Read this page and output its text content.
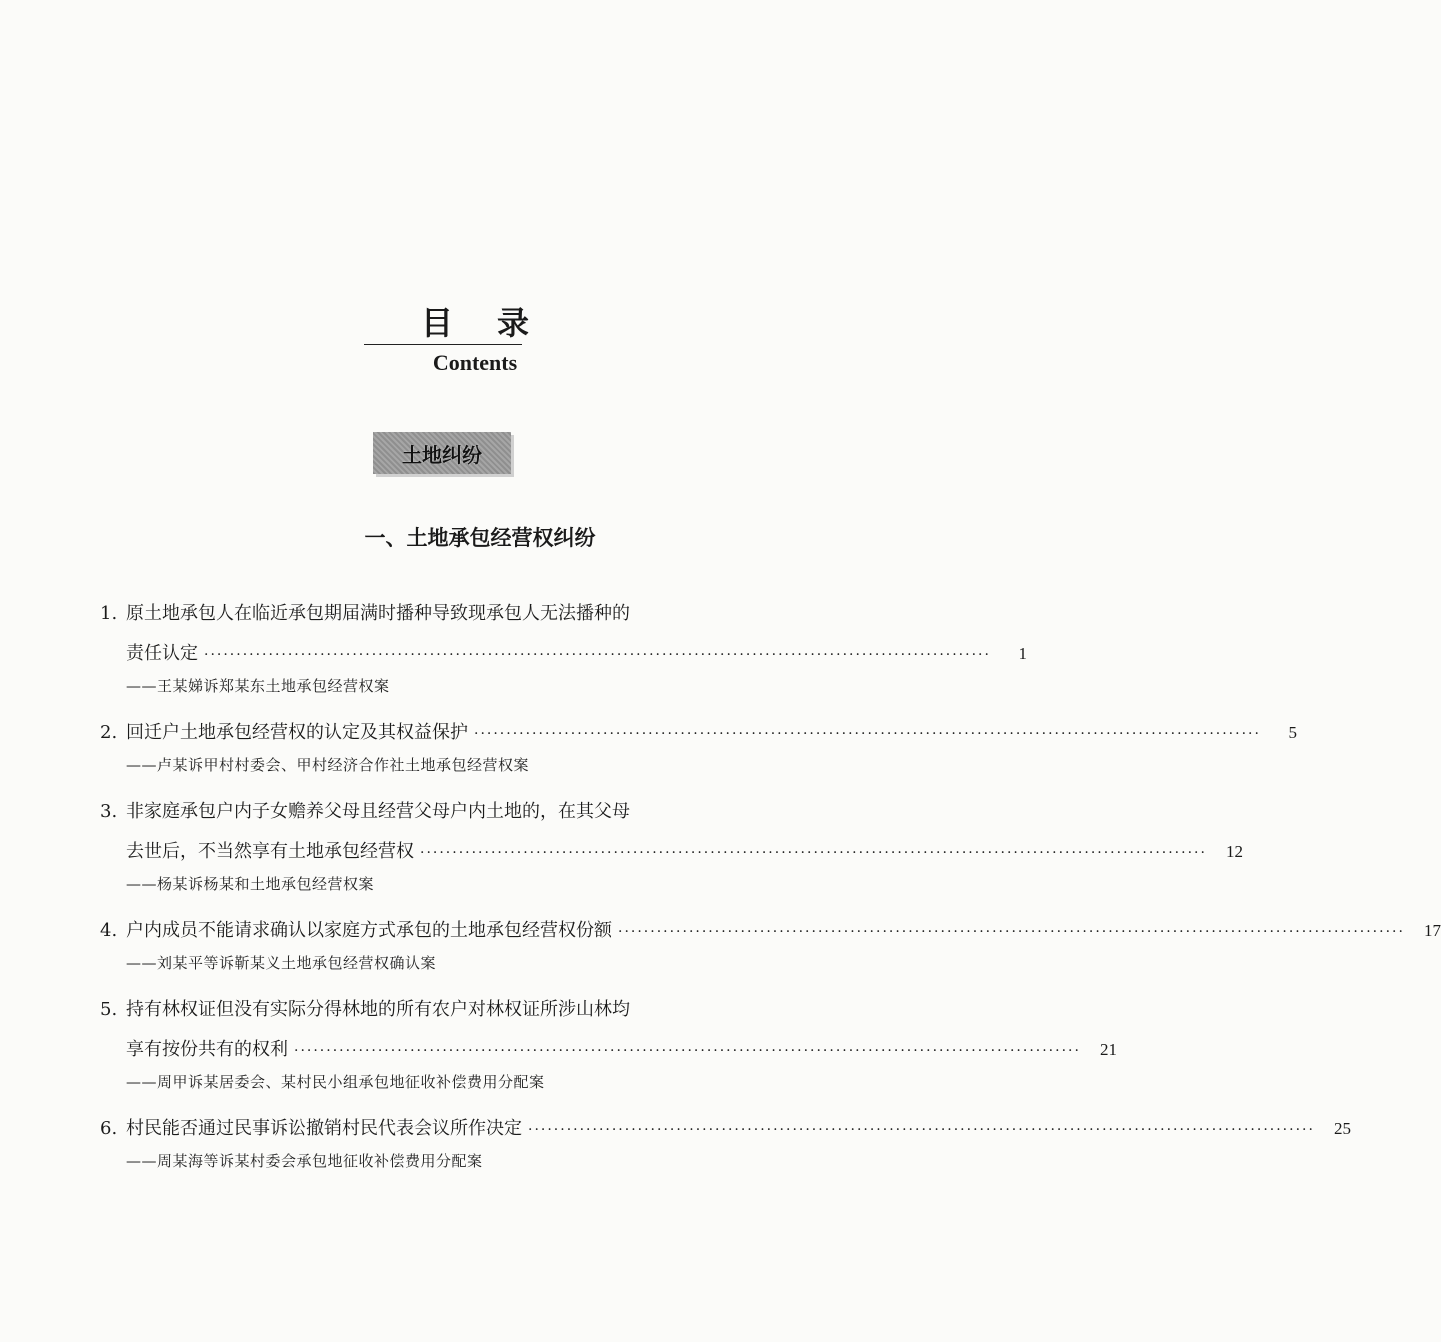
目录
Contents
土地纠纷
一、土地承包经营权纠纷
1. 原土地承包人在临近承包期届满时播种导致现承包人无法播种的
责任认定 ··························································································································	1
——王某娣诉郑某东土地承包经营权案
2. 回迁户土地承包经营权的认定及其权益保护 ··························································································································	5
——卢某诉甲村村委会、甲村经济合作社土地承包经营权案
3. 非家庭承包户内子女赡养父母且经营父母户内土地的，在其父母
去世后，不当然享有土地承包经营权 ··························································································································	12
——杨某诉杨某和土地承包经营权案
4. 户内成员不能请求确认以家庭方式承包的土地承包经营权份额 ··························································································································	17
——刘某平等诉靳某义土地承包经营权确认案
5. 持有林权证但没有实际分得林地的所有农户对林权证所涉山林均
享有按份共有的权利 ··························································································································	21
——周甲诉某居委会、某村民小组承包地征收补偿费用分配案
6. 村民能否通过民事诉讼撤销村民代表会议所作决定 ··························································································································	25
——周某海等诉某村委会承包地征收补偿费用分配案
